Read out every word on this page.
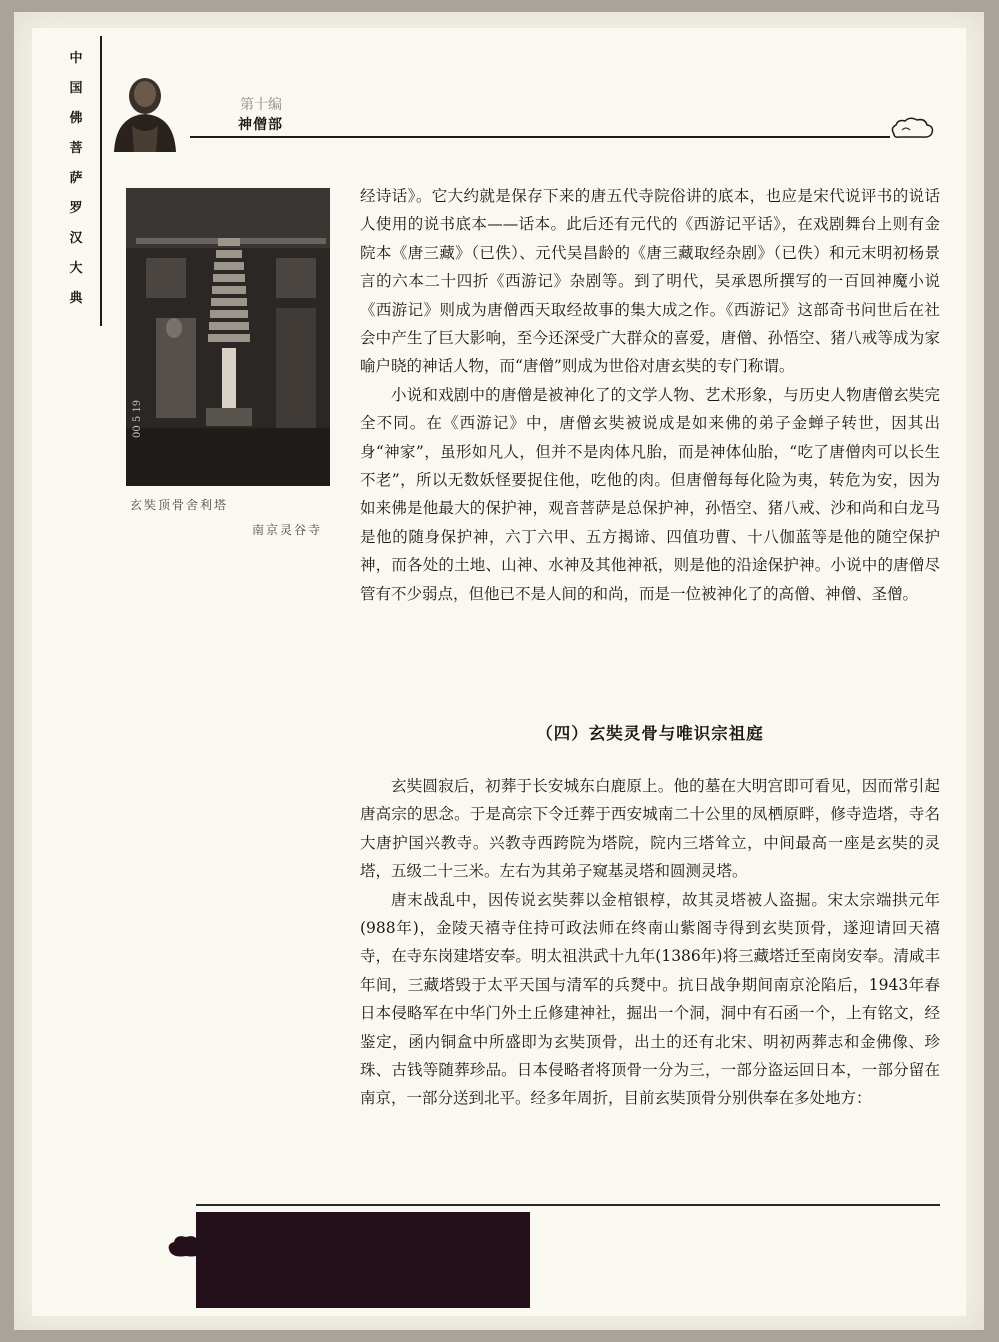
中
国
佛
菩
萨
罗
汉
大
典
第十编
神僧部
00 5 19
玄奘顶骨舍利塔
南京灵谷寺

经诗话》。它大约就是保存下来的唐五代寺院俗讲的底本，也应是宋代说评书的说话人使用的说书底本——话本。此后还有元代的《西游记平话》，在戏剧舞台上则有金院本《唐三藏》（已佚）、元代吴昌龄的《唐三藏取经杂剧》（已佚）和元末明初杨景言的六本二十四折《西游记》杂剧等。到了明代，吴承恩所撰写的一百回神魔小说《西游记》则成为唐僧西天取经故事的集大成之作。《西游记》这部奇书问世后在社会中产生了巨大影响，至今还深受广大群众的喜爱，唐僧、孙悟空、猪八戒等成为家喻户晓的神话人物，而“唐僧”则成为世俗对唐玄奘的专门称谓。

小说和戏剧中的唐僧是被神化了的文学人物、艺术形象，与历史人物唐僧玄奘完全不同。在《西游记》中，唐僧玄奘被说成是如来佛的弟子金蝉子转世，因其出身“神家”，虽形如凡人，但并不是肉体凡胎，而是神体仙胎，“吃了唐僧肉可以长生不老”，所以无数妖怪要捉住他，吃他的肉。但唐僧每每化险为夷，转危为安，因为如来佛是他最大的保护神，观音菩萨是总保护神，孙悟空、猪八戒、沙和尚和白龙马是他的随身保护神，六丁六甲、五方揭谛、四值功曹、十八伽蓝等是他的随空保护神，而各处的土地、山神、水神及其他神祇，则是他的沿途保护神。小说中的唐僧尽管有不少弱点，但他已不是人间的和尚，而是一位被神化了的高僧、神僧、圣僧。

（四）玄奘灵骨与唯识宗祖庭

玄奘圆寂后，初葬于长安城东白鹿原上。他的墓在大明宫即可看见，因而常引起唐高宗的思念。于是高宗下令迁葬于西安城南二十公里的凤栖原畔，修寺造塔，寺名大唐护国兴教寺。兴教寺西跨院为塔院，院内三塔耸立，中间最高一座是玄奘的灵塔，五级二十三米。左右为其弟子窥基灵塔和圆测灵塔。

唐末战乱中，因传说玄奘葬以金棺银椁，故其灵塔被人盗掘。宋太宗端拱元年(988年)，金陵天禧寺住持可政法师在终南山紫阁寺得到玄奘顶骨，遂迎请回天禧寺，在寺东岗建塔安奉。明太祖洪武十九年(1386年)将三藏塔迁至南岗安奉。清咸丰年间，三藏塔毁于太平天国与清军的兵燹中。抗日战争期间南京沦陷后，1943年春日本侵略军在中华门外土丘修建神社，掘出一个洞，洞中有石函一个，上有铭文，经鉴定，函内铜盒中所盛即为玄奘顶骨，出土的还有北宋、明初两葬志和金佛像、珍珠、古钱等随葬珍品。日本侵略者将顶骨一分为三，一部分盗运回日本，一部分留在南京，一部分送到北平。经多年周折，目前玄奘顶骨分别供奉在多处地方：
